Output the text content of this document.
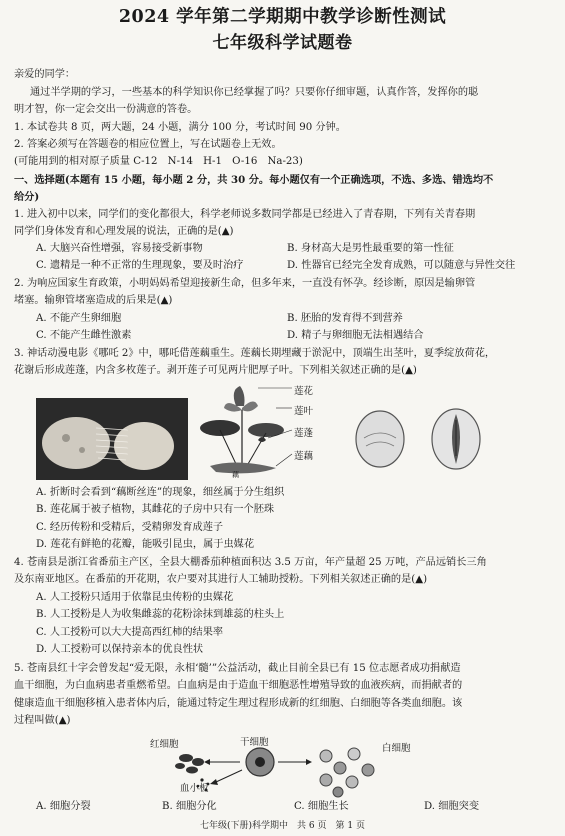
2024 学年第二学期期中教学诊断性测试
七年级科学试题卷
亲爱的同学：
通过半学期的学习，一些基本的科学知识你已经掌握了吗？只要你仔细审题，认真作答，发挥你的聪
明才智，你一定会交出一份满意的答卷。
1. 本试卷共 8 页，两大题，24 小题，满分 100 分，考试时间 90 分钟。
2. 答案必须写在答题卷的相应位置上，写在试题卷上无效。
(可能用到的相对原子质量 C-12　N-14　H-1　O-16　Na-23)
一、选择题(本题有 15 小题，每小题 2 分，共 30 分。每小题仅有一个正确选项，不选、多选、错选均不
给分)
1. 进入初中以来，同学们的变化都很大，科学老师说多数同学都是已经进入了青春期，下列有关青春期
同学们身体发育和心理发展的说法，正确的是(▲)
A. 大脑兴奋性增强，容易接受新事物	B. 身材高大是男性最重要的第一性征
C. 遗精是一种不正常的生理现象，要及时治疗	D. 性器官已经完全发育成熟，可以随意与异性交往
2. 为响应国家生育政策，小明妈妈希望迎接新生命，但多年来，一直没有怀孕。经诊断，原因是输卵管
堵塞。输卵管堵塞造成的后果是(▲)
A. 不能产生卵细胞	B. 胚胎的发育得不到营养
C. 不能产生雌性激素	D. 精子与卵细胞无法相遇结合
3. 神话动漫电影《哪吒 2》中，哪吒借莲藕重生。莲藕长期埋藏于淤泥中，顶端生出茎叶，夏季绽放荷花，
花谢后形成莲蓬，内含多枚莲子。剥开莲子可见两片肥厚子叶。下列相关叙述正确的是(▲)
莲花
莲叶
莲蓬
莲藕
藕
A. 折断时会看到“藕断丝连”的现象，细丝属于分生组织
B. 莲花属于被子植物，其雌花的子房中只有一个胚珠
C. 经历传粉和受精后，受精卵发育成莲子
D. 莲花有鲜艳的花瓣，能吸引昆虫，属于虫媒花
4. 苍南县是浙江省番茄主产区，全县大棚番茄种植面积达 3.5 万亩，年产量超 25 万吨，产品远销长三角
及东南亚地区。在番茄的开花期，农户要对其进行人工辅助授粉。下列相关叙述正确的是(▲)
A. 人工授粉只适用于依靠昆虫传粉的虫媒花
B. 人工授粉是人为收集雌蕊的花粉涂抹到雄蕊的柱头上
C. 人工授粉可以大大提高西红柿的结果率
D. 人工授粉可以保持亲本的优良性状
5. 苍南县红十字会曾发起“爱无限，永相‘髓’”公益活动，截止目前全县已有 15 位志愿者成功捐献造
血干细胞，为白血病患者重燃希望。白血病是由于造血干细胞恶性增殖导致的血液疾病，而捐献者的
健康造血干细胞移植入患者体内后，能通过特定生理过程形成新的红细胞、白细胞等各类血细胞。该
过程叫做(▲)
红细胞	干细胞
白细胞
血小板
A. 细胞分裂	B. 细胞分化	C. 细胞生长	D. 细胞突变
七年级(下册)科学期中　共 6 页　第 1 页
